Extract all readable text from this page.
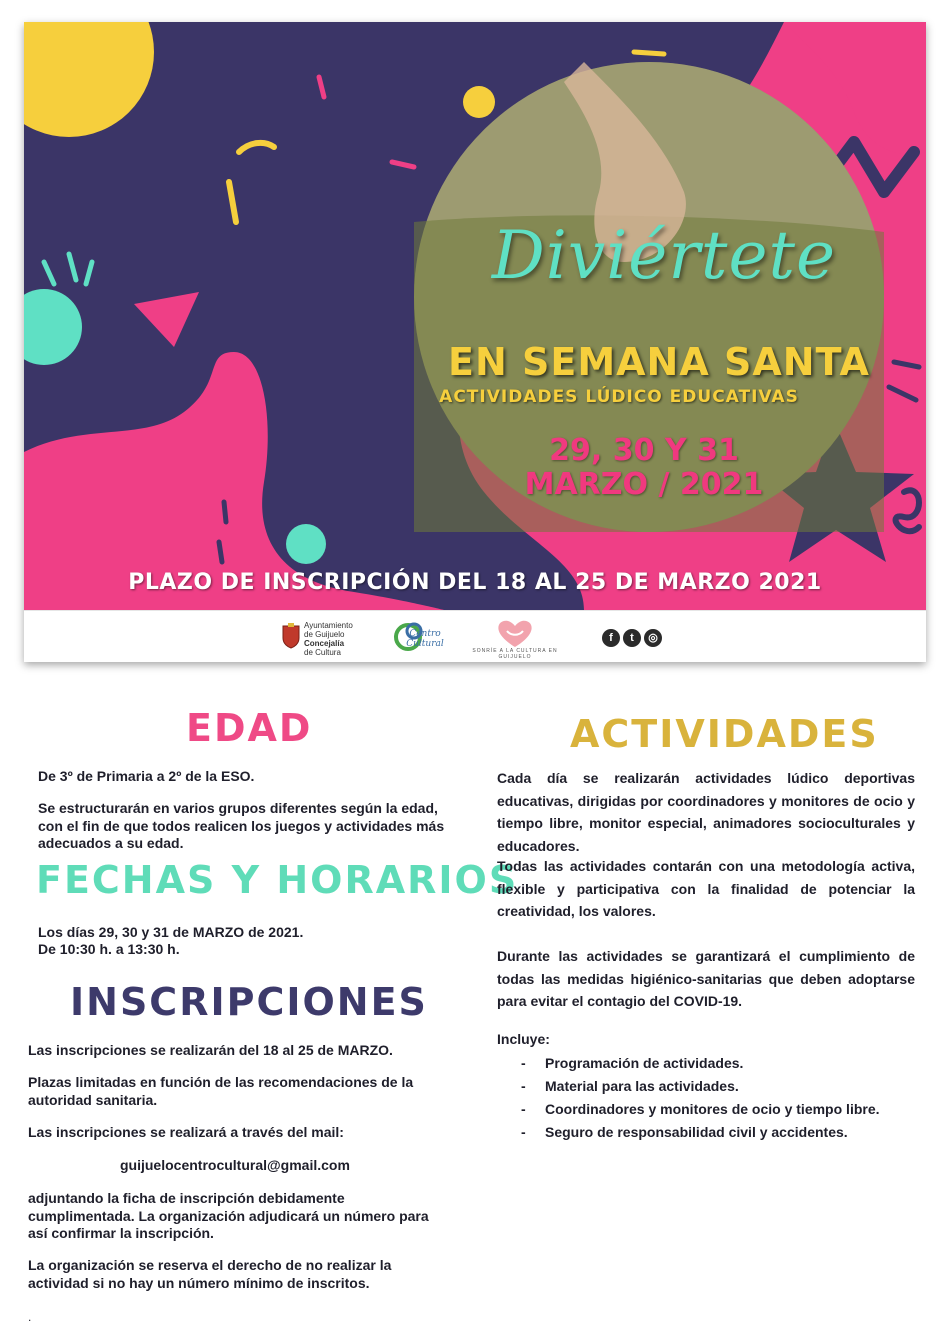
Diviértete
EN SEMANA SANTA
ACTIVIDADES LÚDICO EDUCATIVAS
29, 30 Y 31
MARZO / 2021
PLAZO DE INSCRIPCIÓN DEL 18 AL 25 DE MARZO 2021
Ayuntamiento
de Guijuelo
Concejalía
de Cultura
Centro Cultural
SONRÍE A LA CULTURA EN GUIJUELO
f t ◎
EDAD

De 3º de Primaria a 2º de la ESO.

Se estructurarán en varios grupos diferentes según la edad, con el fin de que todos realicen los juegos y actividades más adecuados a su edad.

FECHAS Y HORARIOS

Los días 29, 30 y 31 de MARZO de 2021.

De 10:30 h. a 13:30 h.

INSCRIPCIONES

Las inscripciones se realizarán del 18 al 25 de MARZO.

Plazas limitadas en función de las recomendaciones de la autoridad sanitaria.

Las inscripciones se realizará a través del mail:

guijuelocentrocultural@gmail.com

adjuntando la ficha de inscripción debidamente cumplimentada. La organización adjudicará un número para así confirmar la inscripción.

La organización se reserva el derecho de no realizar la actividad si no hay un número mínimo de inscritos.

ACTIVIDADES

Cada día se realizarán actividades lúdico deportivas educativas, dirigidas por coordinadores y monitores de ocio y tiempo libre, monitor especial, animadores socioculturales y educadores.

Todas las actividades contarán con una metodología activa, flexible y participativa con la finalidad de potenciar la creatividad, los valores.

Durante las actividades se garantizará el cumplimiento de todas las medidas higiénico-sanitarias que deben adoptarse para evitar el contagio del COVID-19.

Incluye:
- Programación de actividades.
- Material para las actividades.
- Coordinadores y monitores de ocio y tiempo libre.
- Seguro de responsabilidad civil y accidentes.
.
